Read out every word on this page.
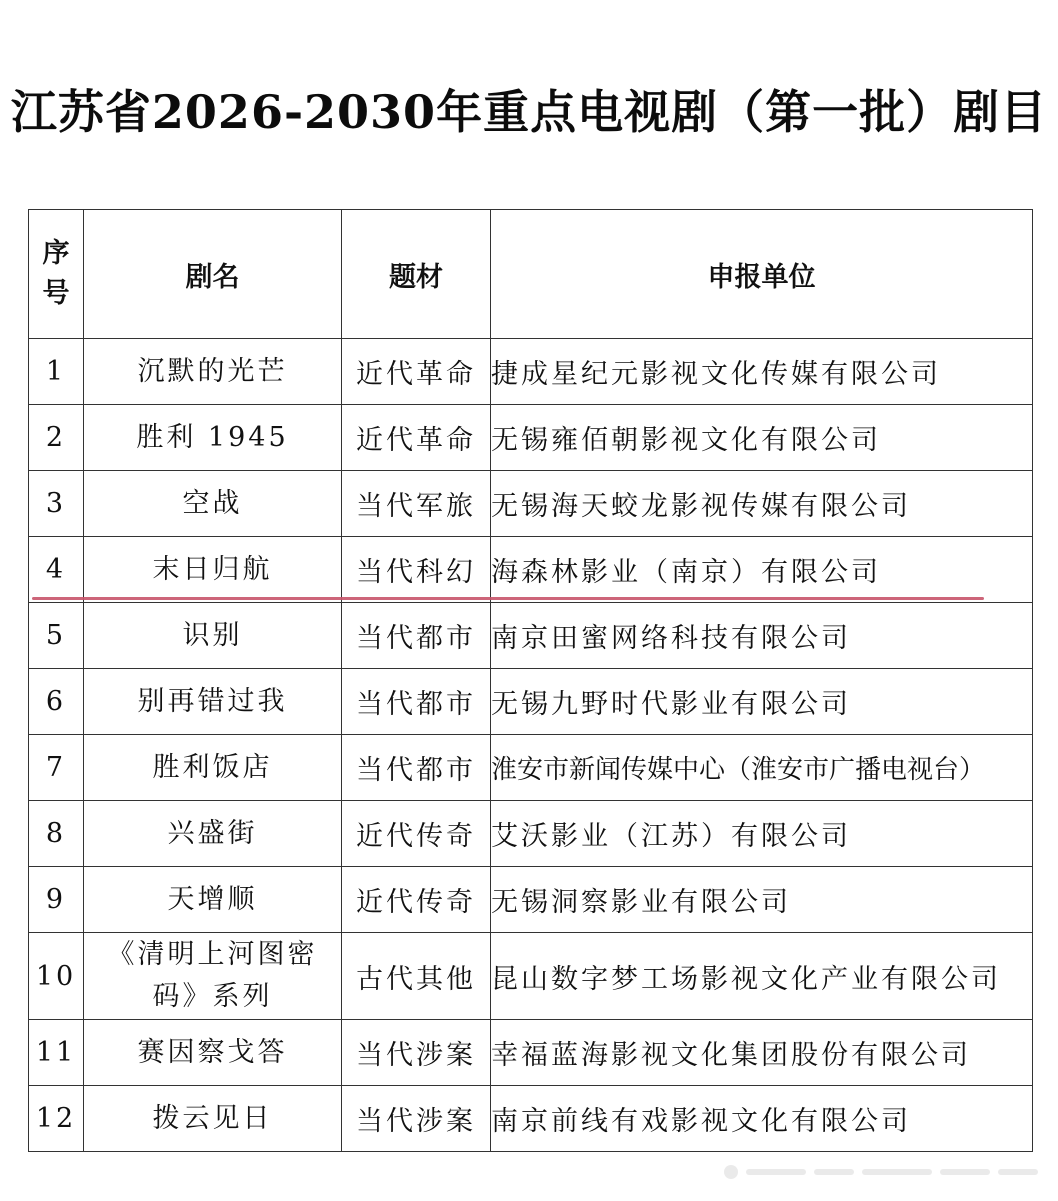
江苏省2026-2030年重点电视剧（第一批）剧目
序
号	剧名	题材	申报单位
1	沉默的光芒	近代革命	捷成星纪元影视文化传媒有限公司
2	胜利 1945	近代革命	无锡雍佰朝影视文化有限公司
3	空战	当代军旅	无锡海天蛟龙影视传媒有限公司
4	末日归航	当代科幻	海森林影业（南京）有限公司
5	识别	当代都市	南京田蜜网络科技有限公司
6	别再错过我	当代都市	无锡九野时代影业有限公司
7	胜利饭店	当代都市	淮安市新闻传媒中心（淮安市广播电视台）
8	兴盛街	近代传奇	艾沃影业（江苏）有限公司
9	天增顺	近代传奇	无锡洞察影业有限公司
10	《清明上河图密码》系列	古代其他	昆山数字梦工场影视文化产业有限公司
11	赛因察戈答	当代涉案	幸福蓝海影视文化集团股份有限公司
12	拨云见日	当代涉案	南京前线有戏影视文化有限公司
